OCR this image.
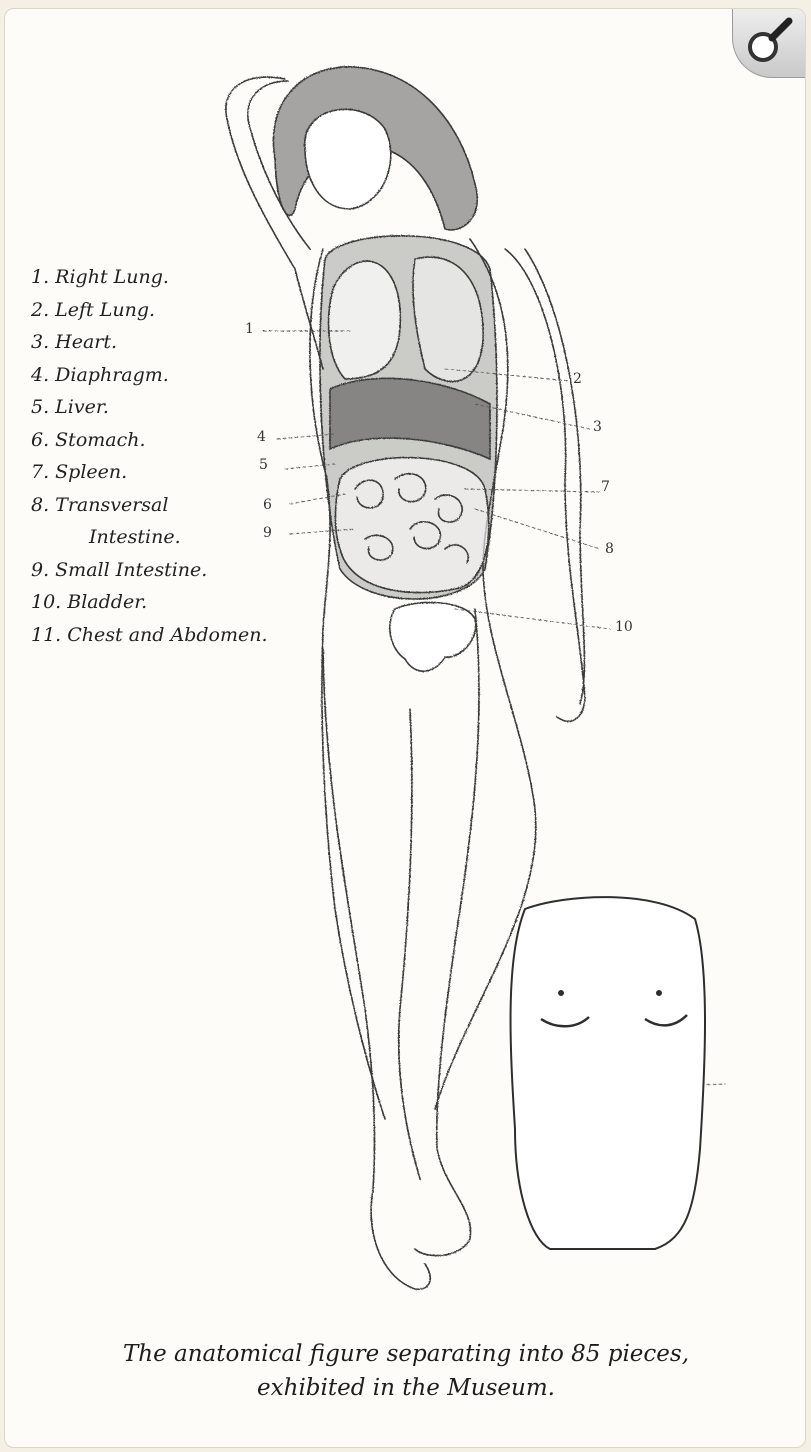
1. Right Lung.
2. Left Lung.
3. Heart.
4. Diaphragm.
5. Liver.
6. Stomach.
7. Spleen.
8. Transversal
Intestine.
9. Small Intestine.
10. Bladder.
11. Chest and Abdomen.
1
2
3
4
5
6
7
8
9
10
The anatomical figure separating into 85 pieces,
exhibited in the Museum.
